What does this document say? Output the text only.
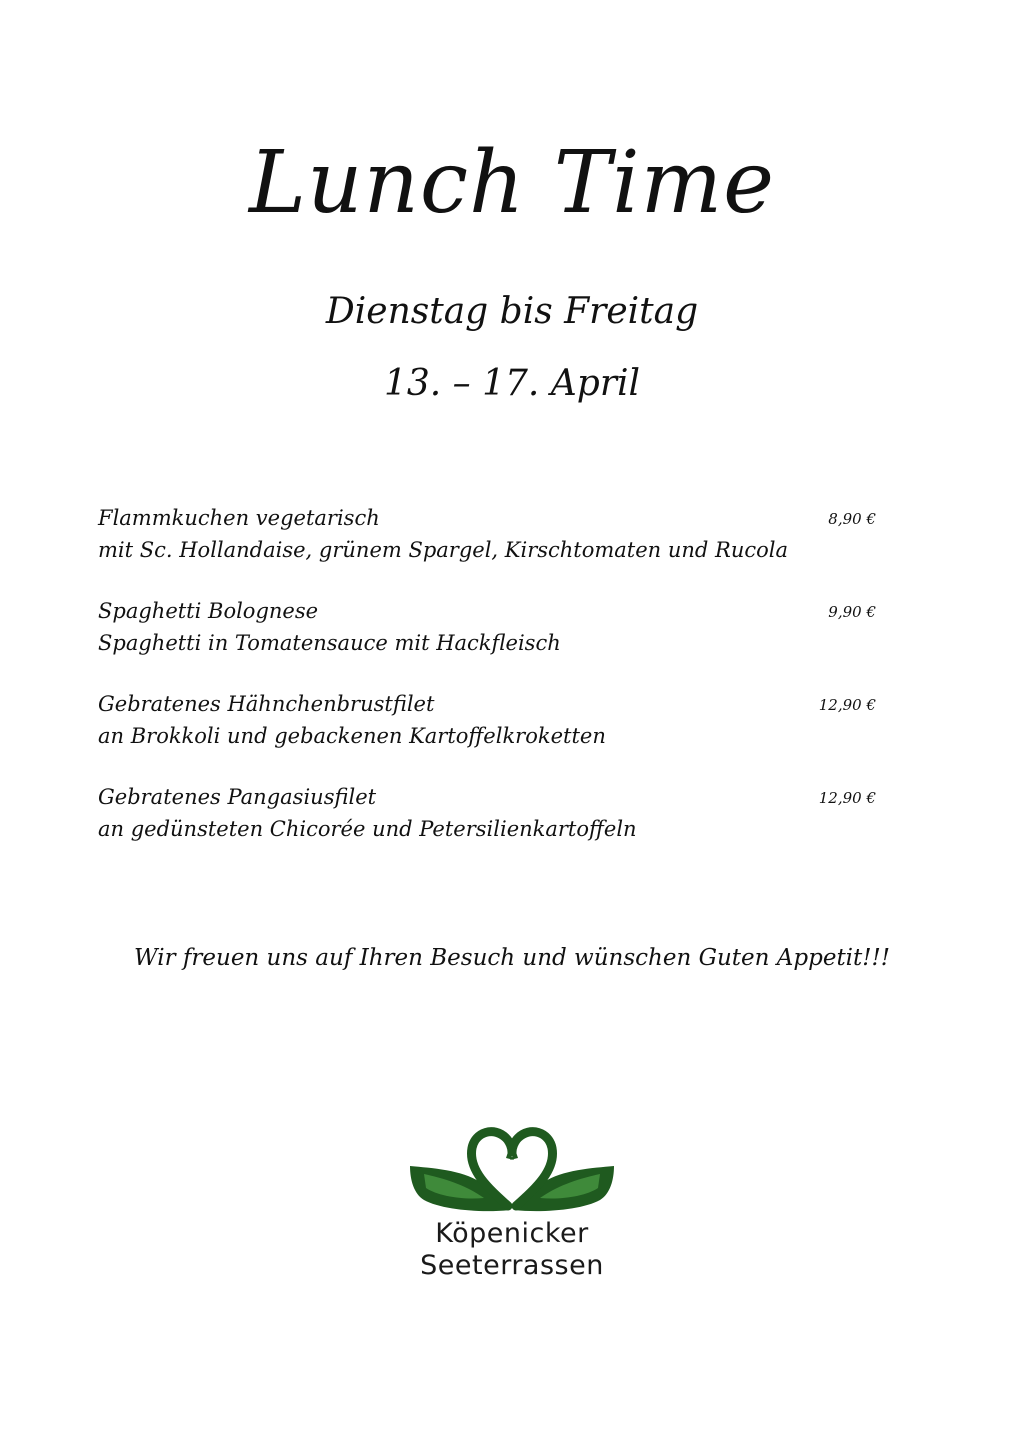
Lunch Time
Dienstag bis Freitag
13. – 17. April
Flammkuchen vegetarisch
mit Sc. Hollandaise, grünem Spargel, Kirschtomaten und Rucola
8,90 €
Spaghetti Bolognese
Spaghetti in Tomatensauce mit Hackfleisch
9,90 €
Gebratenes Hähnchenbrustfilet
an Brokkoli und gebackenen Kartoffelkroketten
12,90 €
Gebratenes Pangasiusfilet
an gedünsteten Chicorée und Petersilienkartoffeln
12,90 €
Wir freuen uns auf Ihren Besuch und wünschen Guten Appetit!!!
Köpenicker
Seeterrassen
